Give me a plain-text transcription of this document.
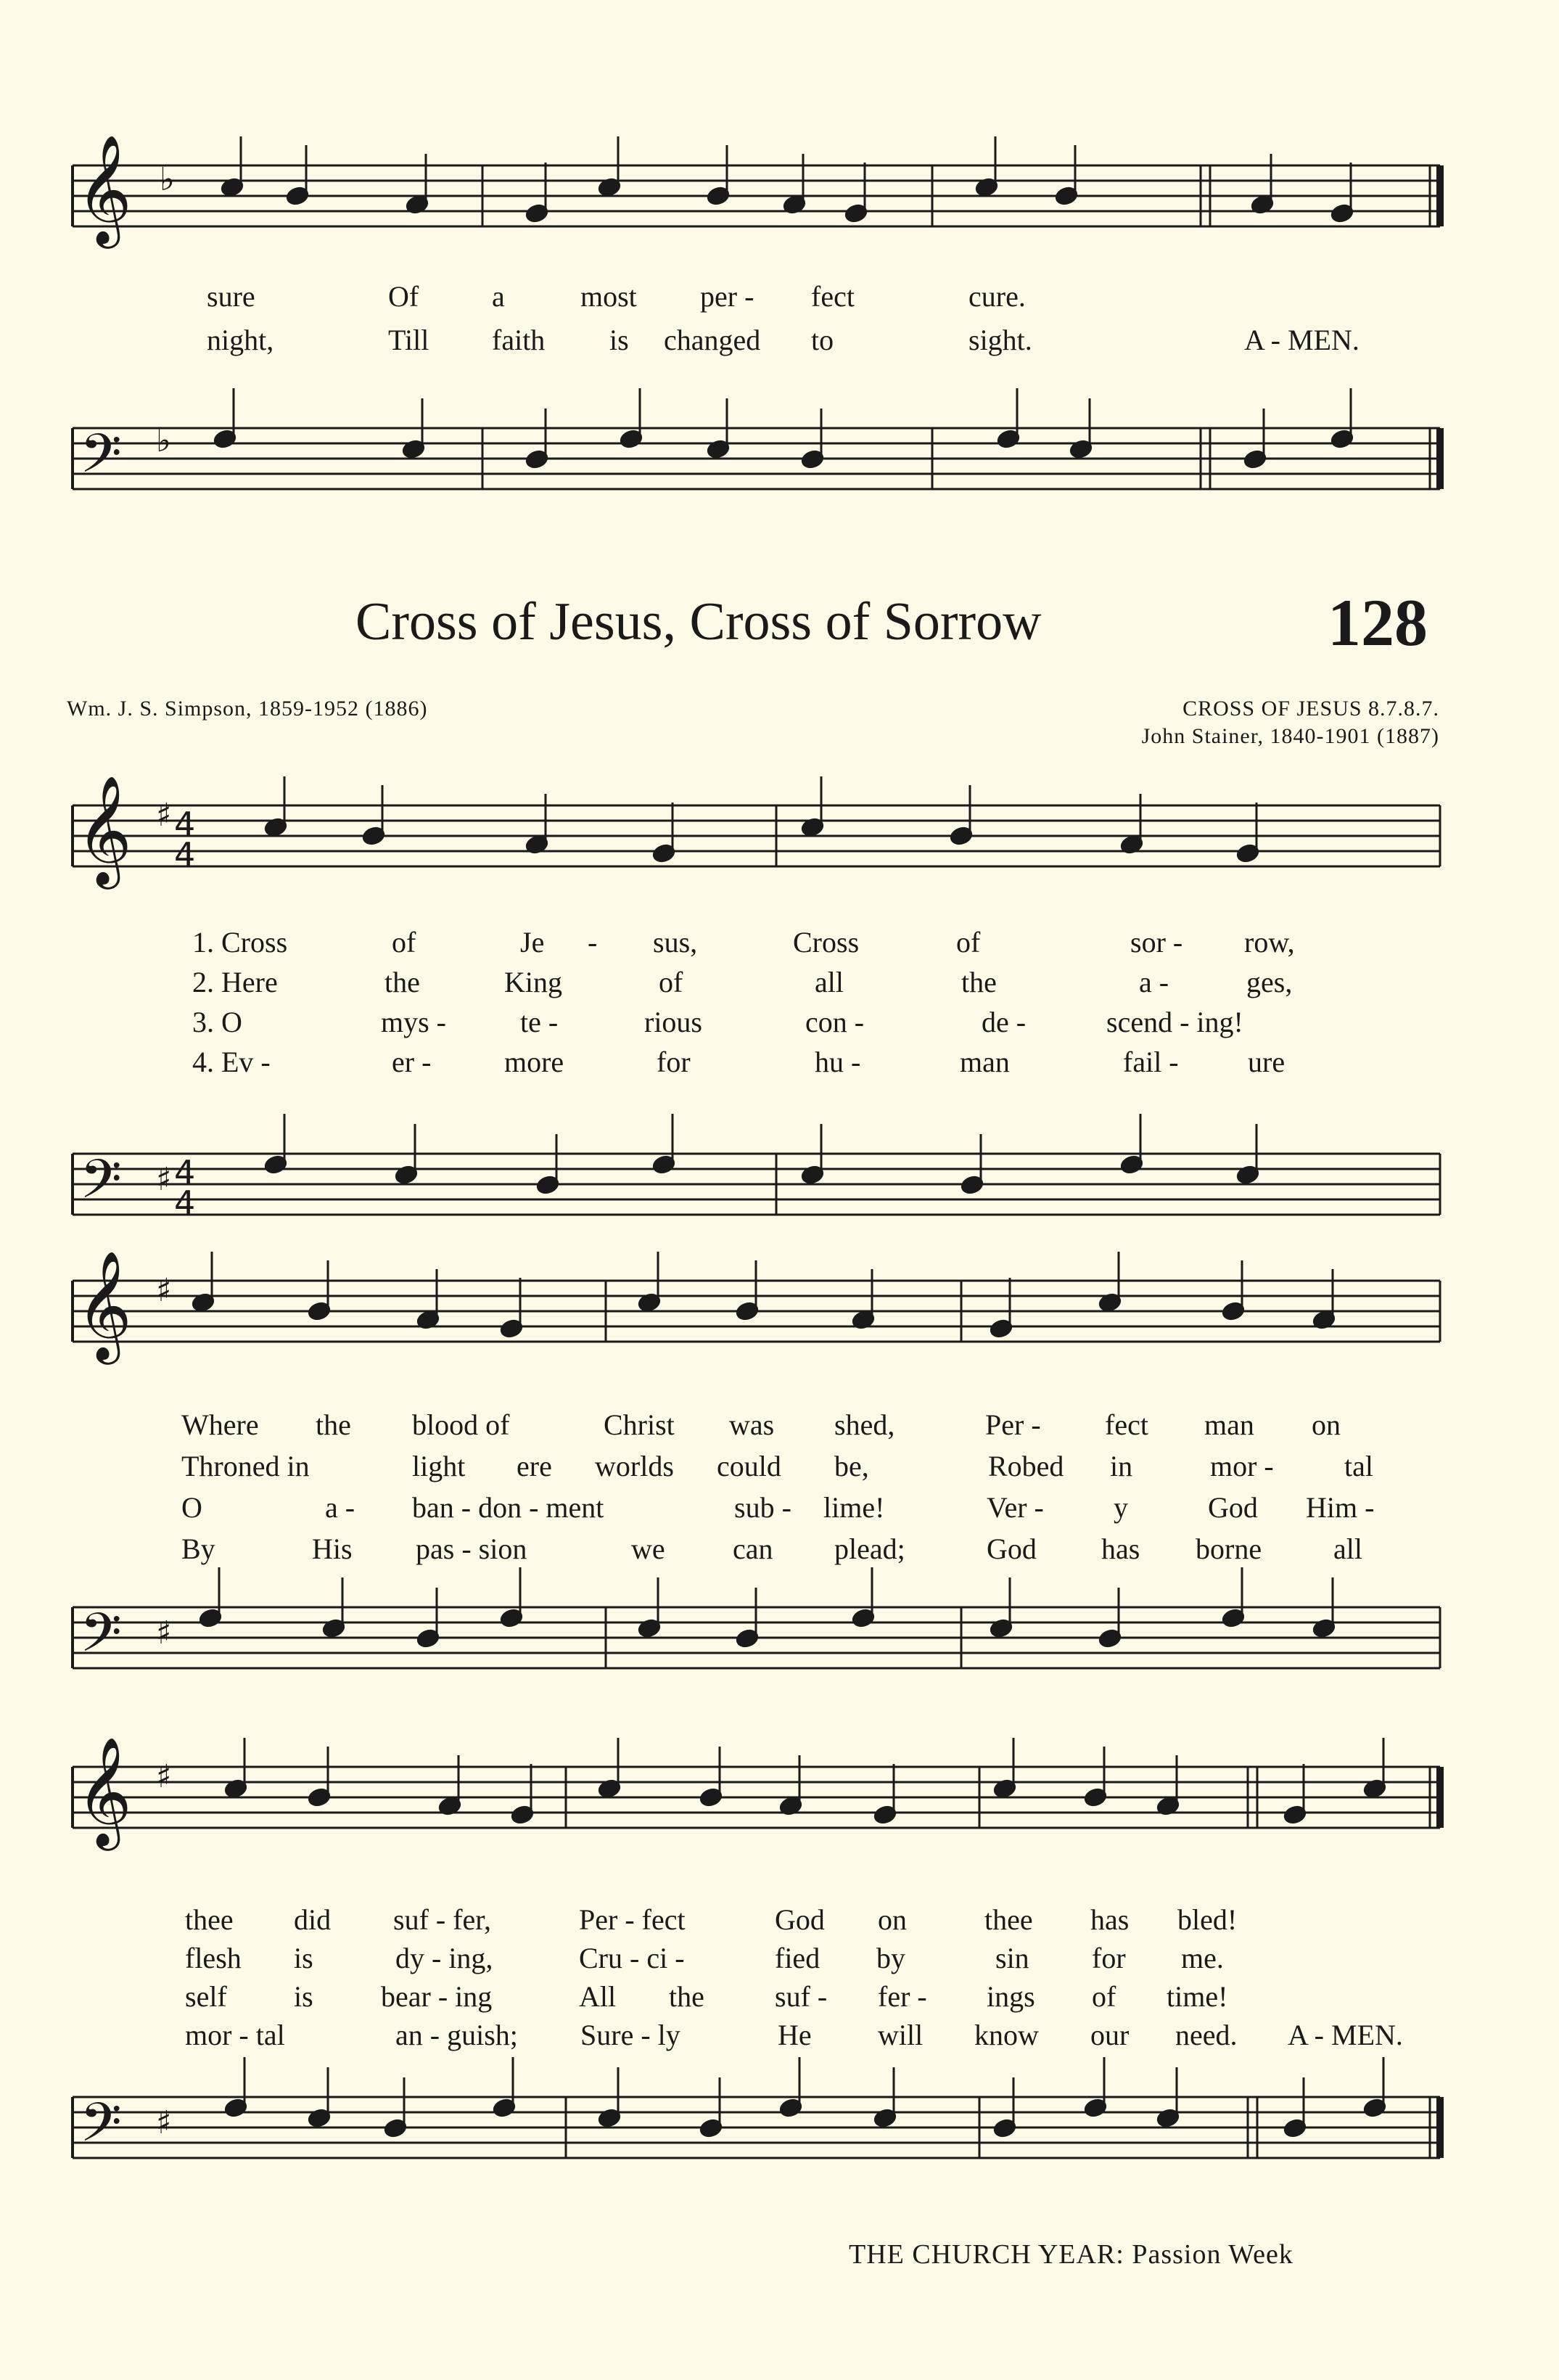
𝄞
𝄢
♭
♭
𝄞
𝄢
♯
♯
4
4
4
4
𝄞
𝄢
♯
♯
𝄞
𝄢
♯
♯
sure	Of	a	most per - fect	cure.
night,	Till faith is changed to	sight.	A - MEN.
Cross of Jesus, Cross of Sorrow	128
Wm. J. S. Simpson, 1859-1952 (1886)	CROSS OF JESUS 8.7.8.7.
John Stainer, 1840-1901 (1887)
1. Cross	of	Je - sus,	Cross	of	sor - row,
2. Here	the	King	of	all	the	a -	ges,
3. O	mys -	te -	rious	con -	de -	scend - ing!
4. Ev -	er -	more	for	hu -	man	fail - ure
Where the blood of	Christ was shed,	Per - fect man on
Throned in	light ere worlds could be,	Robed in	mor - tal
O	a - ban - don - ment	sub - lime!	Ver - y	God Him -
By	His pas - sion	we can plead;	God has borne all
thee did suf - fer,	Per - fect	God on	thee has bled!
flesh is	dy - ing,	Cru - ci -	fied by	sin for me.
self is bear - ing	All the suf - fer - ings of time!
mor - tal	an - guish; Sure - ly	He will know our need. A - MEN.
THE CHURCH YEAR: Passion Week
